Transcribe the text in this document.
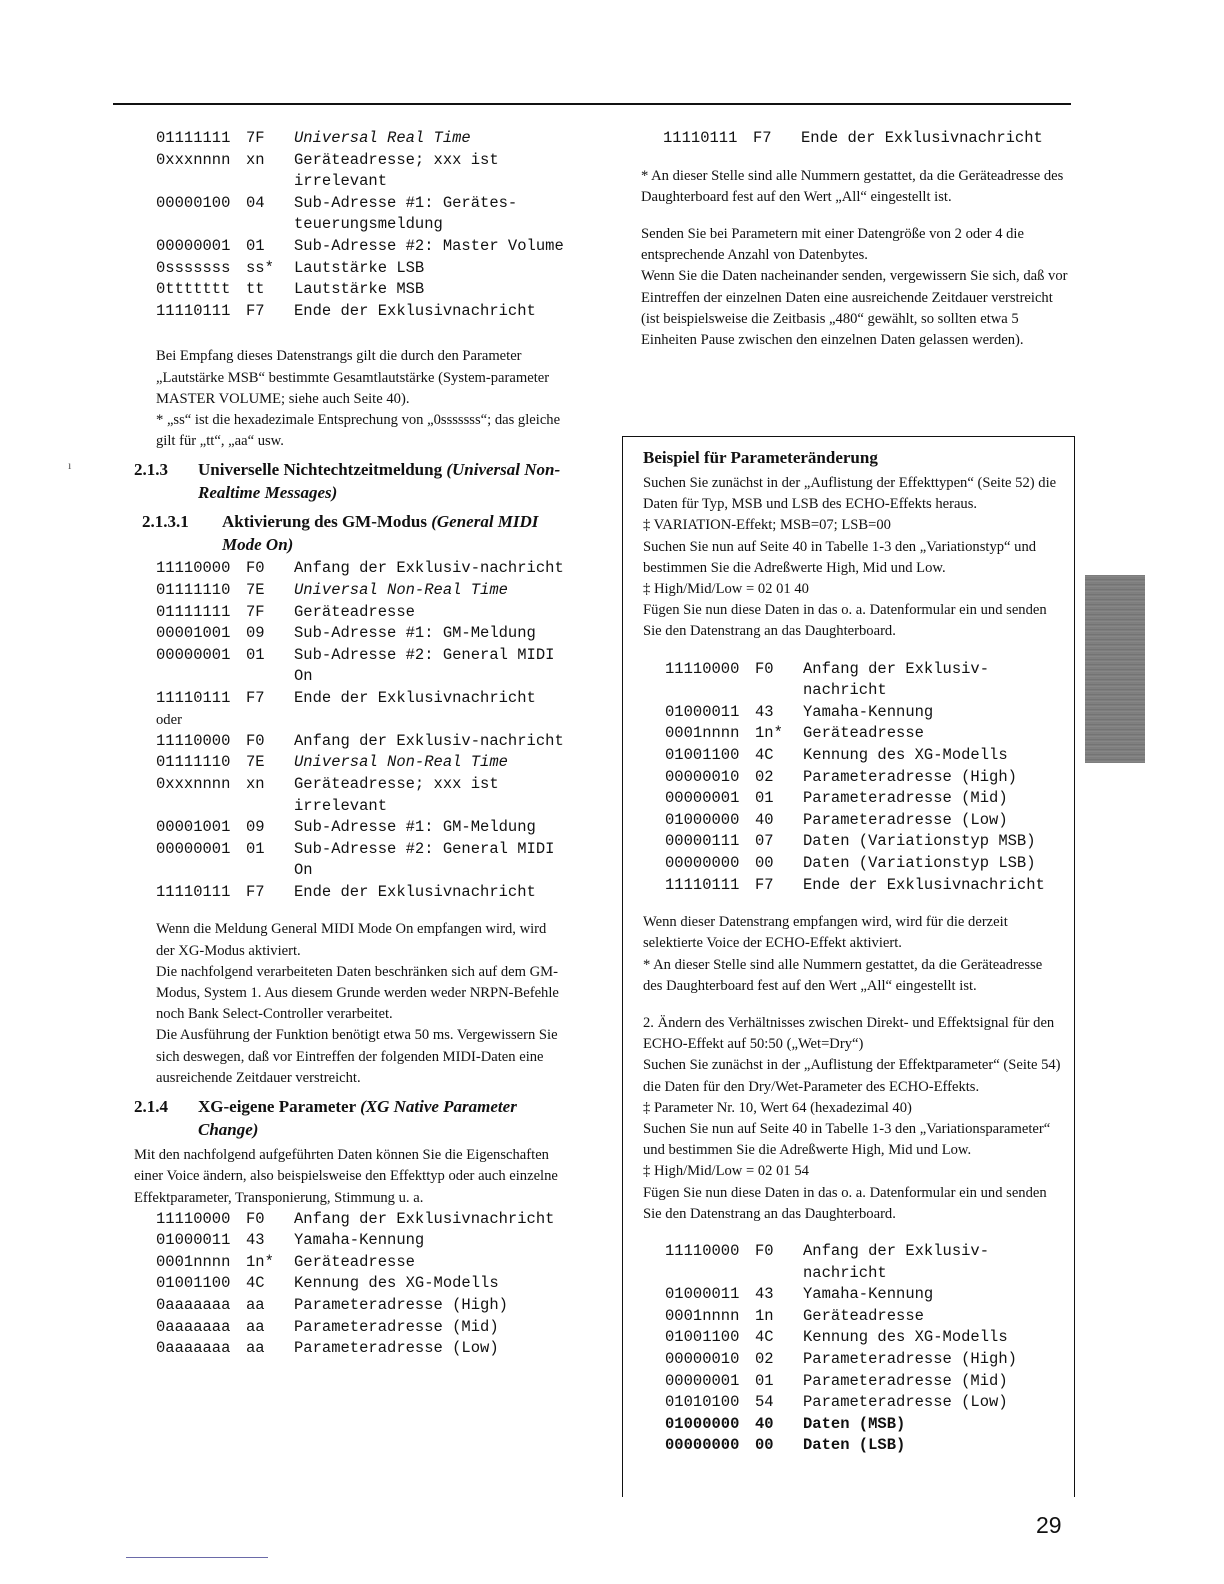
01111111	7F	Universal Real Time
0xxxnnnn	xn	Geräteadresse; xxx ist irrelevant
00000100	04	Sub-Adresse #1: Gerätes-teuerungsmeldung
00000001	01	Sub-Adresse #2: Master Volume
0sssssss	ss*	Lautstärke LSB
0ttttttt	tt	Lautstärke MSB
11110111	F7	Ende der Exklusivnachricht

Bei Empfang dieses Datenstrangs gilt die durch den Parameter „Lautstärke MSB“ bestimmte Gesamtlautstärke (System-parameter MASTER VOLUME; siehe auch Seite 40).

* „ss“ ist die hexadezimale Entsprechung von „0sssssss“; das gleiche gilt für „tt“, „aa“ usw.

2.1.3	Universelle Nichtechtzeitmeldung (Universal Non-Realtime Messages)
2.1.3.1	Aktivierung des GM-Modus (General MIDI Mode On)
11110000	F0	Anfang der Exklusiv-nachricht
01111110	7E	Universal Non-Real Time
01111111	7F	Geräteadresse
00001001	09	Sub-Adresse #1: GM-Meldung
00000001	01	Sub-Adresse #2: General MIDI On
11110111	F7	Ende der Exklusivnachricht
oder
11110000	F0	Anfang der Exklusiv-nachricht
01111110	7E	Universal Non-Real Time
0xxxnnnn	xn	Geräteadresse; xxx ist irrelevant
00001001	09	Sub-Adresse #1: GM-Meldung
00000001	01	Sub-Adresse #2: General MIDI On
11110111	F7	Ende der Exklusivnachricht

Wenn die Meldung General MIDI Mode On empfangen wird, wird der XG-Modus aktiviert.

Die nachfolgend verarbeiteten Daten beschränken sich auf dem GM-Modus, System 1. Aus diesem Grunde werden weder NRPN-Befehle noch Bank Select-Controller verarbeitet.

Die Ausführung der Funktion benötigt etwa 50 ms. Vergewissern Sie sich deswegen, daß vor Eintreffen der folgenden MIDI-Daten eine ausreichende Zeitdauer verstreicht.

2.1.4	XG-eigene Parameter (XG Native Parameter Change)
Mit den nachfolgend aufgeführten Daten können Sie die Eigenschaften einer Voice ändern, also beispielsweise den Effekttyp oder auch einzelne Effektparameter, Transponierung, Stimmung u. a.
11110000	F0	Anfang der Exklusivnachricht
01000011	43	Yamaha-Kennung
0001nnnn	1n*	Geräteadresse
01001100	4C	Kennung des XG-Modells
0aaaaaaa	aa	Parameteradresse (High)
0aaaaaaa	aa	Parameteradresse (Mid)
0aaaaaaa	aa	Parameteradresse (Low)
11110111	F7	Ende der Exklusivnachricht

* An dieser Stelle sind alle Nummern gestattet, da die Geräteadresse des Daughterboard fest auf den Wert „All“ eingestellt ist.

Senden Sie bei Parametern mit einer Datengröße von 2 oder 4 die entsprechende Anzahl von Datenbytes.

Wenn Sie die Daten nacheinander senden, vergewissern Sie sich, daß vor Eintreffen der einzelnen Daten eine ausreichende Zeitdauer verstreicht (ist beispielsweise die Zeitbasis „480“ gewählt, so sollten etwa 5 Einheiten Pause zwischen den einzelnen Daten gelassen werden).

Beispiel für Parameteränderung

Suchen Sie zunächst in der „Auflistung der Effekttypen“ (Seite 52) die Daten für Typ, MSB und LSB des ECHO-Effekts heraus.

‡ VARIATION-Effekt; MSB=07; LSB=00

Suchen Sie nun auf Seite 40 in Tabelle 1-3 den „Variationstyp“ und bestimmen Sie die Adreßwerte High, Mid und Low.

‡ High/Mid/Low = 02 01 40

Fügen Sie nun diese Daten in das o. a. Datenformular ein und senden Sie den Datenstrang an das Daughterboard.

11110000	F0	Anfang der Exklusiv-nachricht
01000011	43	Yamaha-Kennung
0001nnnn	1n*	Geräteadresse
01001100	4C	Kennung des XG-Modells
00000010	02	Parameteradresse (High)
00000001	01	Parameteradresse (Mid)
01000000	40	Parameteradresse (Low)
00000111	07	Daten (Variationstyp MSB)
00000000	00	Daten (Variationstyp LSB)
11110111	F7	Ende der Exklusivnachricht

Wenn dieser Datenstrang empfangen wird, wird für die derzeit selektierte Voice der ECHO-Effekt aktiviert.

* An dieser Stelle sind alle Nummern gestattet, da die Geräteadresse des Daughterboard fest auf den Wert „All“ eingestellt ist.

2. Ändern des Verhältnisses zwischen Direkt- und Effektsignal für den ECHO-Effekt auf 50:50 („Wet=Dry“)

Suchen Sie zunächst in der „Auflistung der Effektparameter“ (Seite 54) die Daten für den Dry/Wet-Parameter des ECHO-Effekts.

‡ Parameter Nr. 10, Wert 64 (hexadezimal 40)

Suchen Sie nun auf Seite 40 in Tabelle 1-3 den „Variationsparameter“ und bestimmen Sie die Adreßwerte High, Mid und Low.

‡ High/Mid/Low = 02 01 54

Fügen Sie nun diese Daten in das o. a. Datenformular ein und senden Sie den Datenstrang an das Daughterboard.

11110000	F0	Anfang der Exklusiv-nachricht
01000011	43	Yamaha-Kennung
0001nnnn	1n	Geräteadresse
01001100	4C	Kennung des XG-Modells
00000010	02	Parameteradresse (High)
00000001	01	Parameteradresse (Mid)
01010100	54	Parameteradresse (Low)
01000000	40	Daten (MSB)
00000000	00	Daten (LSB)
ı
29
